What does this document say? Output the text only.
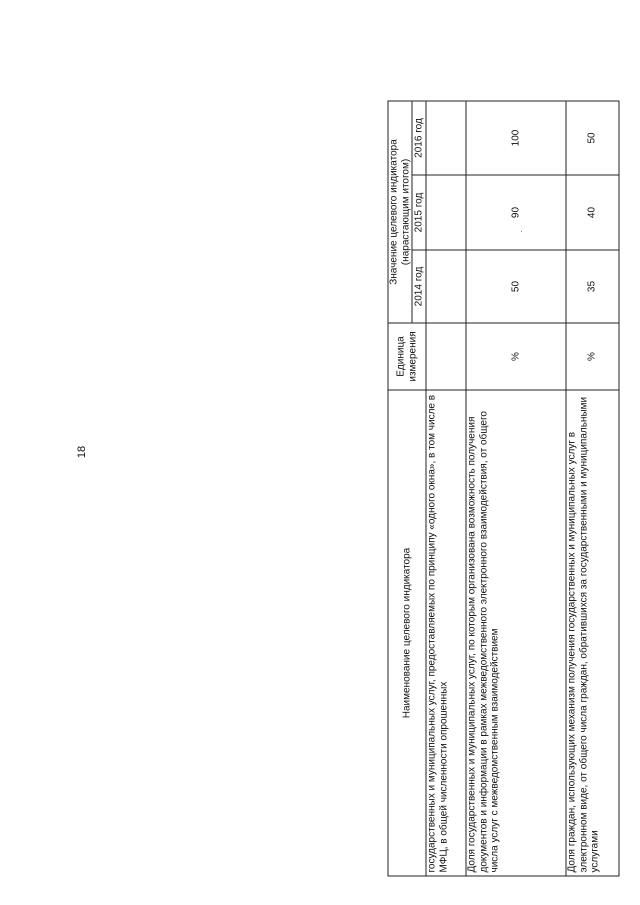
18
Наименование целевого индикатора	Единица измерения	Значение целевого индикатора (нарастающим итогом)		
		2014 год	2015 год	2016 год
государственных и муниципальных услуг, предоставляемых по принципу «одного окна», в том числе в МФЦ, в общей численности опрошенных				
Доля государственных и муниципальных услуг, по которым организована возможность получения документов и информации в рамках межведомственного электронного взаимодействия, от общего числа услуг с межведомственным взаимодействием	%	50	90	100
Доля граждан, использующих механизм получения государственных и муниципальных услуг в электронном виде, от общего числа граждан, обратившихся за государственными и муниципальными услугами	%	35	40	50
